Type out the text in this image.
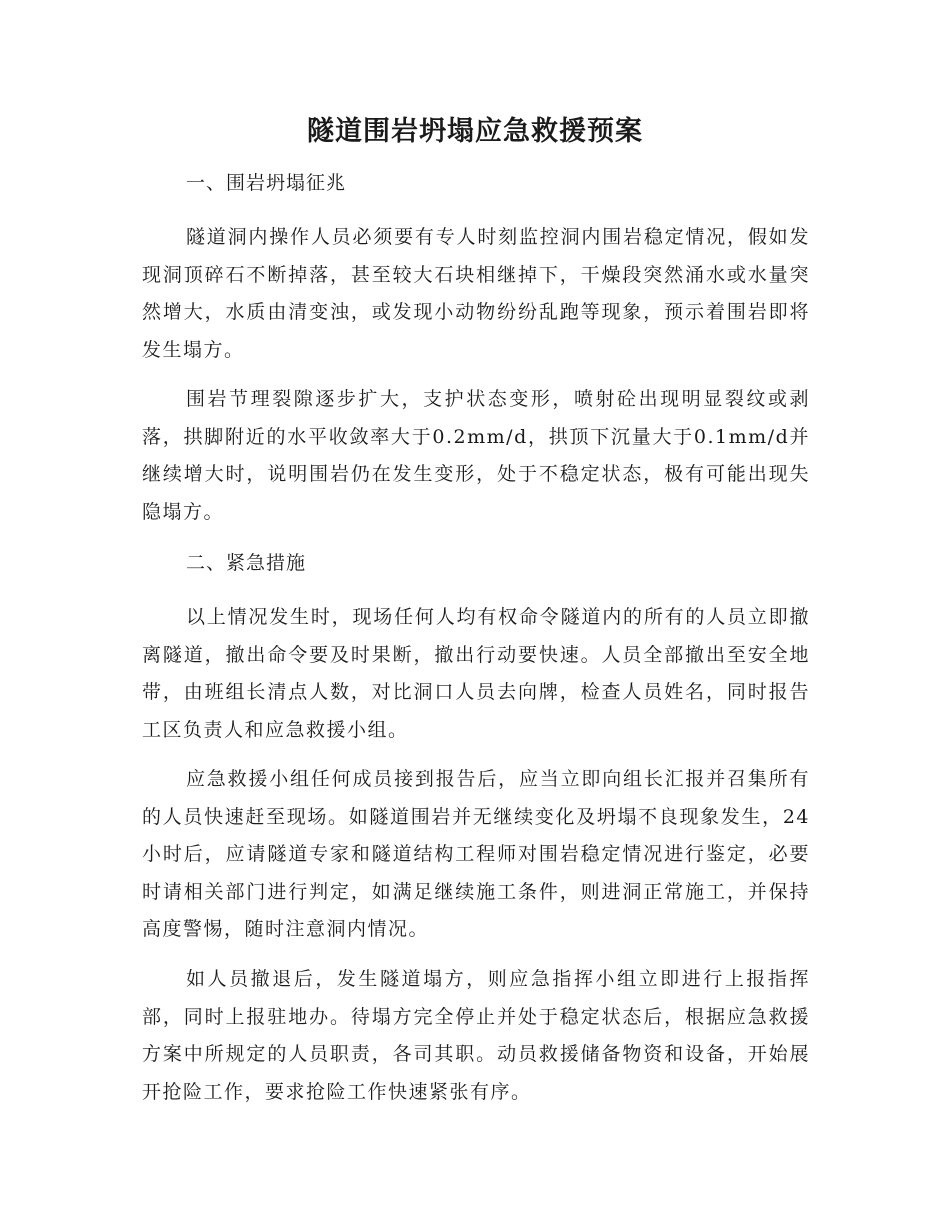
隧道围岩坍塌应急救援预案

一、围岩坍塌征兆

隧道洞内操作人员必须要有专人时刻监控洞内围岩稳定情况，假如发现洞顶碎石不断掉落，甚至较大石块相继掉下，干燥段突然涌水或水量突然增大，水质由清变浊，或发现小动物纷纷乱跑等现象，预示着围岩即将发生塌方。

围岩节理裂隙逐步扩大，支护状态变形，喷射砼出现明显裂纹或剥落，拱脚附近的水平收敛率大于0.2mm/d，拱顶下沉量大于0.1mm/d并继续增大时，说明围岩仍在发生变形，处于不稳定状态，极有可能出现失隐塌方。

二、紧急措施

以上情况发生时，现场任何人均有权命令隧道内的所有的人员立即撤离隧道，撤出命令要及时果断，撤出行动要快速。人员全部撤出至安全地带，由班组长清点人数，对比洞口人员去向牌，检查人员姓名，同时报告工区负责人和应急救援小组。

应急救援小组任何成员接到报告后，应当立即向组长汇报并召集所有的人员快速赶至现场。如隧道围岩并无继续变化及坍塌不良现象发生，24小时后，应请隧道专家和隧道结构工程师对围岩稳定情况进行鉴定，必要时请相关部门进行判定，如满足继续施工条件，则进洞正常施工，并保持高度警惕，随时注意洞内情况。

如人员撤退后，发生隧道塌方，则应急指挥小组立即进行上报指挥部，同时上报驻地办。待塌方完全停止并处于稳定状态后，根据应急救援方案中所规定的人员职责，各司其职。动员救援储备物资和设备，开始展开抢险工作，要求抢险工作快速紧张有序。
